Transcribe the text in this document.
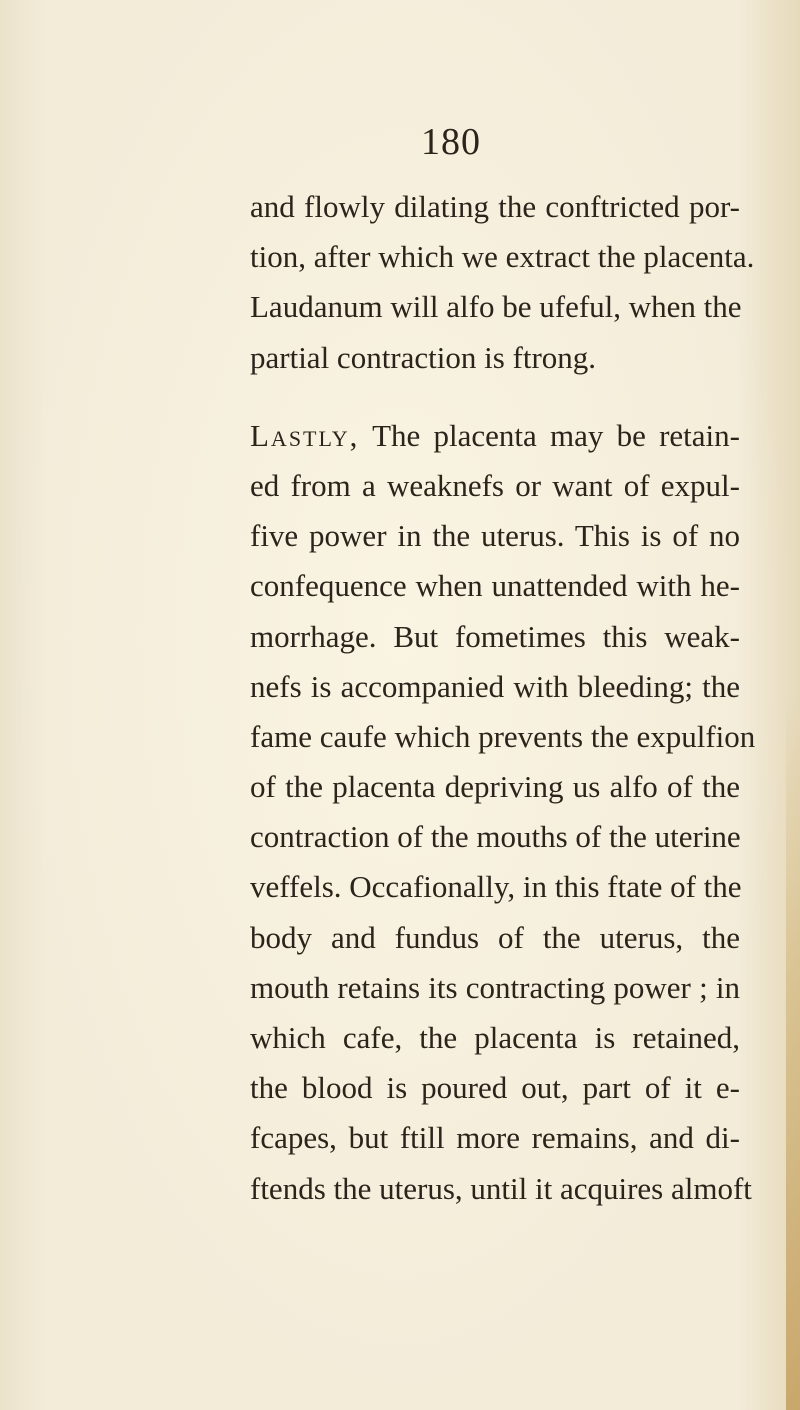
180
and flowly dilating the conftricted por-
tion, after which we extract the placenta.
Laudanum will alfo be ufeful, when the
partial contraction is ftrong.
Lastly, The placenta may be retain-
ed from a weaknefs or want of expul-
five power in the uterus. This is of no
confequence when unattended with he-
morrhage. But fometimes this weak-
nefs is accompanied with bleeding; the
fame caufe which prevents the expulfion
of the placenta depriving us alfo of the
contraction of the mouths of the uterine
veffels. Occafionally, in this ftate of the
body and fundus of the uterus, the
mouth retains its contracting power ; in
which cafe, the placenta is retained,
the blood is poured out, part of it e-
fcapes, but ftill more remains, and di-
ftends the uterus, until it acquires almoft
